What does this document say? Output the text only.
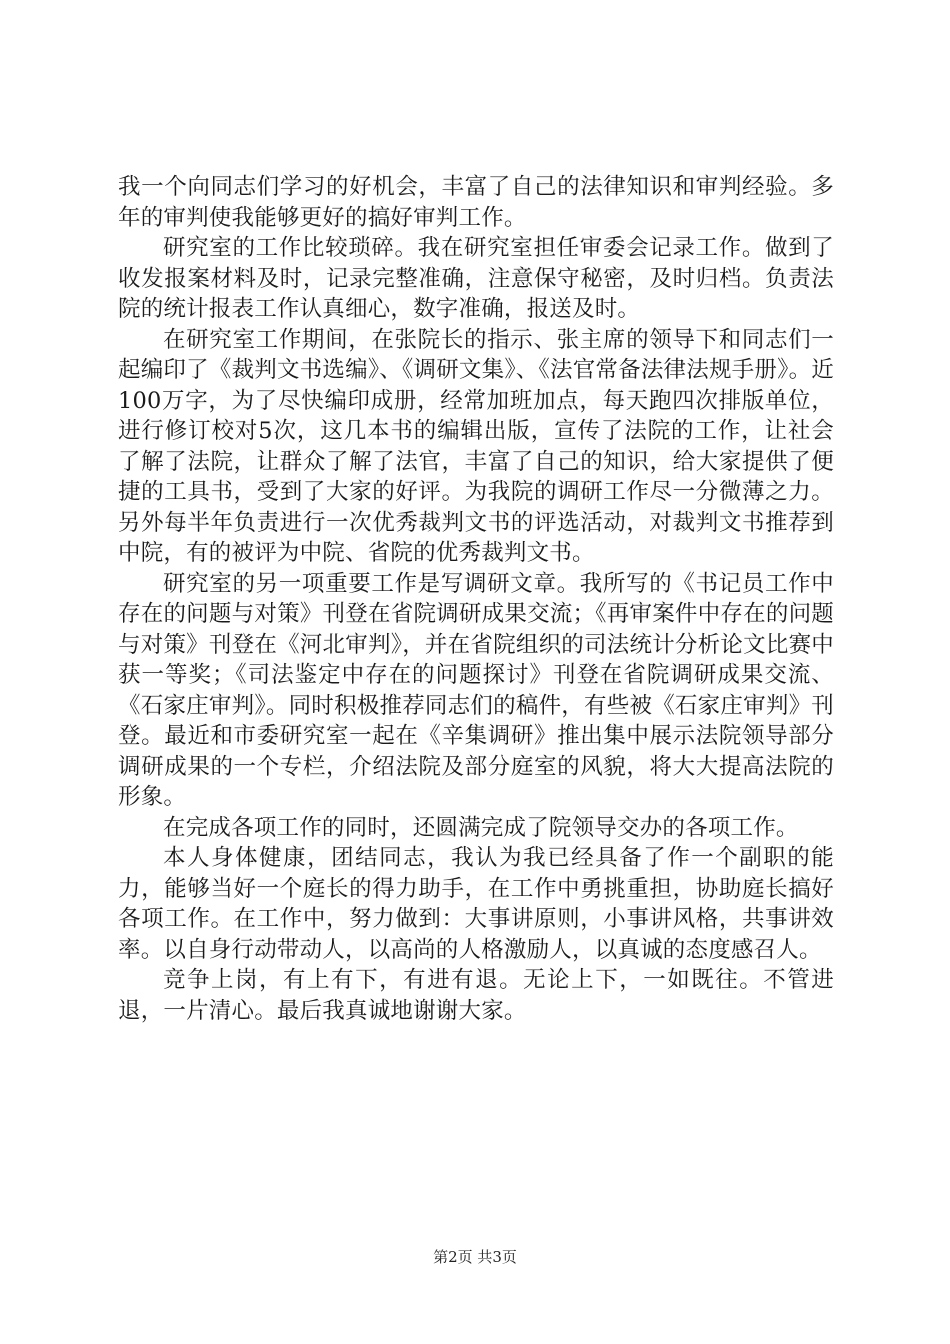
我一个向同志们学习的好机会，丰富了自己的法律知识和审判经验。多年的审判使我能够更好的搞好审判工作。

研究室的工作比较琐碎。我在研究室担任审委会记录工作。做到了收发报案材料及时，记录完整准确，注意保守秘密，及时归档。负责法院的统计报表工作认真细心，数字准确，报送及时。

在研究室工作期间，在张院长的指示、张主席的领导下和同志们一起编印了《裁判文书选编》、《调研文集》、《法官常备法律法规手册》。近100万字，为了尽快编印成册，经常加班加点，每天跑四次排版单位，进行修订校对5次，这几本书的编辑出版，宣传了法院的工作，让社会了解了法院，让群众了解了法官，丰富了自己的知识，给大家提供了便捷的工具书，受到了大家的好评。为我院的调研工作尽一分微薄之力。另外每半年负责进行一次优秀裁判文书的评选活动，对裁判文书推荐到中院，有的被评为中院、省院的优秀裁判文书。

研究室的另一项重要工作是写调研文章。我所写的《书记员工作中存在的问题与对策》刊登在省院调研成果交流；《再审案件中存在的问题与对策》刊登在《河北审判》，并在省院组织的司法统计分析论文比赛中获一等奖；《司法鉴定中存在的问题探讨》刊登在省院调研成果交流、《石家庄审判》。同时积极推荐同志们的稿件，有些被《石家庄审判》刊登。最近和市委研究室一起在《辛集调研》推出集中展示法院领导部分调研成果的一个专栏，介绍法院及部分庭室的风貌，将大大提高法院的形象。

在完成各项工作的同时，还圆满完成了院领导交办的各项工作。

本人身体健康，团结同志，我认为我已经具备了作一个副职的能力，能够当好一个庭长的得力助手，在工作中勇挑重担，协助庭长搞好各项工作。在工作中，努力做到：大事讲原则，小事讲风格，共事讲效率。以自身行动带动人，以高尚的人格激励人，以真诚的态度感召人。

竞争上岗，有上有下，有进有退。无论上下，一如既往。不管进退，一片清心。最后我真诚地谢谢大家。

第2页 共3页
